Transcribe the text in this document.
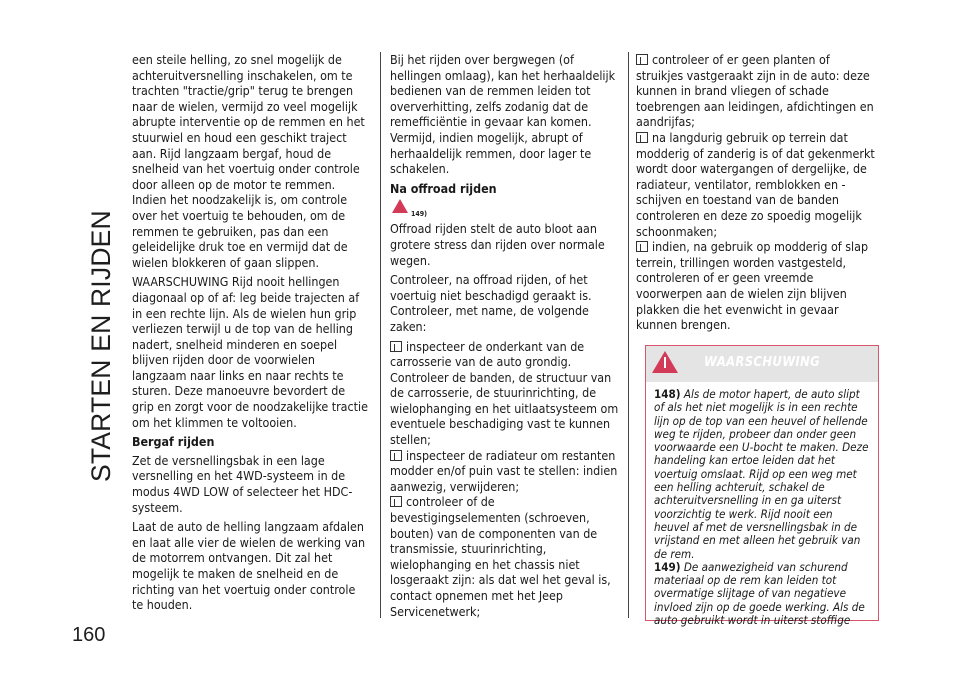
STARTEN EN RIJDEN
160

een steile helling, zo snel mogelijk de achteruitversnelling inschakelen, om te trachten "tractie/grip" terug te brengen naar de wielen, vermijd zo veel mogelijk abrupte interventie op de remmen en het stuurwiel en houd een geschikt traject aan. Rijd langzaam bergaf, houd de snelheid van het voertuig onder controle door alleen op de motor te remmen. Indien het noodzakelijk is, om controle over het voertuig te behouden, om de remmen te gebruiken, pas dan een geleidelijke druk toe en vermijd dat de wielen blokkeren of gaan slippen.

WAARSCHUWING Rijd nooit hellingen diagonaal op of af: leg beide trajecten af in een rechte lijn. Als de wielen hun grip verliezen terwijl u de top van de helling nadert, snelheid minderen en soepel blijven rijden door de voorwielen langzaam naar links en naar rechts te sturen. Deze manoeuvre bevordert de grip en zorgt voor de noodzakelijke tractie om het klimmen te voltooien.

Bergaf rijden

Zet de versnellingsbak in een lage versnelling en het 4WD-systeem in de modus 4WD LOW of selecteer het HDC-systeem.

Laat de auto de helling langzaam afdalen en laat alle vier de wielen de werking van de motorrem ontvangen. Dit zal het mogelijk te maken de snelheid en de richting van het voertuig onder controle te houden.

Bij het rijden over bergwegen (of hellingen omlaag), kan het herhaaldelijk bedienen van de remmen leiden tot oververhitting, zelfs zodanig dat de remefficiëntie in gevaar kan komen. Vermijd, indien mogelijk, abrupt of herhaaldelijk remmen, door lager te schakelen.

Na offroad rijden
149)

Offroad rijden stelt de auto bloot aan grotere stress dan rijden over normale wegen.

Controleer, na offroad rijden, of het voertuig niet beschadigd geraakt is. Controleer, met name, de volgende zaken:

inspecteer de onderkant van de carrosserie van de auto grondig. Controleer de banden, de structuur van de carrosserie, de stuurinrichting, de wielophanging en het uitlaatsysteem om eventuele beschadiging vast te kunnen stellen;
inspecteer de radiateur om restanten modder en/of puin vast te stellen: indien aanwezig, verwijderen;
controleer of de bevestigingselementen (schroeven, bouten) van de componenten van de transmissie, stuurinrichting, wielophanging en het chassis niet losgeraakt zijn: als dat wel het geval is, contact opnemen met het Jeep Servicenetwerk;
controleer of er geen planten of struikjes vastgeraakt zijn in de auto: deze kunnen in brand vliegen of schade toebrengen aan leidingen, afdichtingen en aandrijfas;
na langdurig gebruik op terrein dat modderig of zanderig is of dat gekenmerkt wordt door watergangen of dergelijke, de radiateur, ventilator, remblokken en -schijven en toestand van de banden controleren en deze zo spoedig mogelijk schoonmaken;
indien, na gebruik op modderig of slap terrein, trillingen worden vastgesteld, controleren of er geen vreemde voorwerpen aan de wielen zijn blijven plakken die het evenwicht in gevaar kunnen brengen.
WAARSCHUWING

148) Als de motor hapert, de auto slipt of als het niet mogelijk is in een rechte lijn op de top van een heuvel of hellende weg te rijden, probeer dan onder geen voorwaarde een U-bocht te maken. Deze handeling kan ertoe leiden dat het voertuig omslaat. Rijd op een weg met een helling achteruit, schakel de achteruitversnelling in en ga uiterst voorzichtig te werk. Rijd nooit een heuvel af met de versnellingsbak in de vrijstand en met alleen het gebruik van de rem.

149) De aanwezigheid van schurend materiaal op de rem kan leiden tot overmatige slijtage of van negatieve invloed zijn op de goede werking. Als de auto gebruikt wordt in uiterst stoffige
